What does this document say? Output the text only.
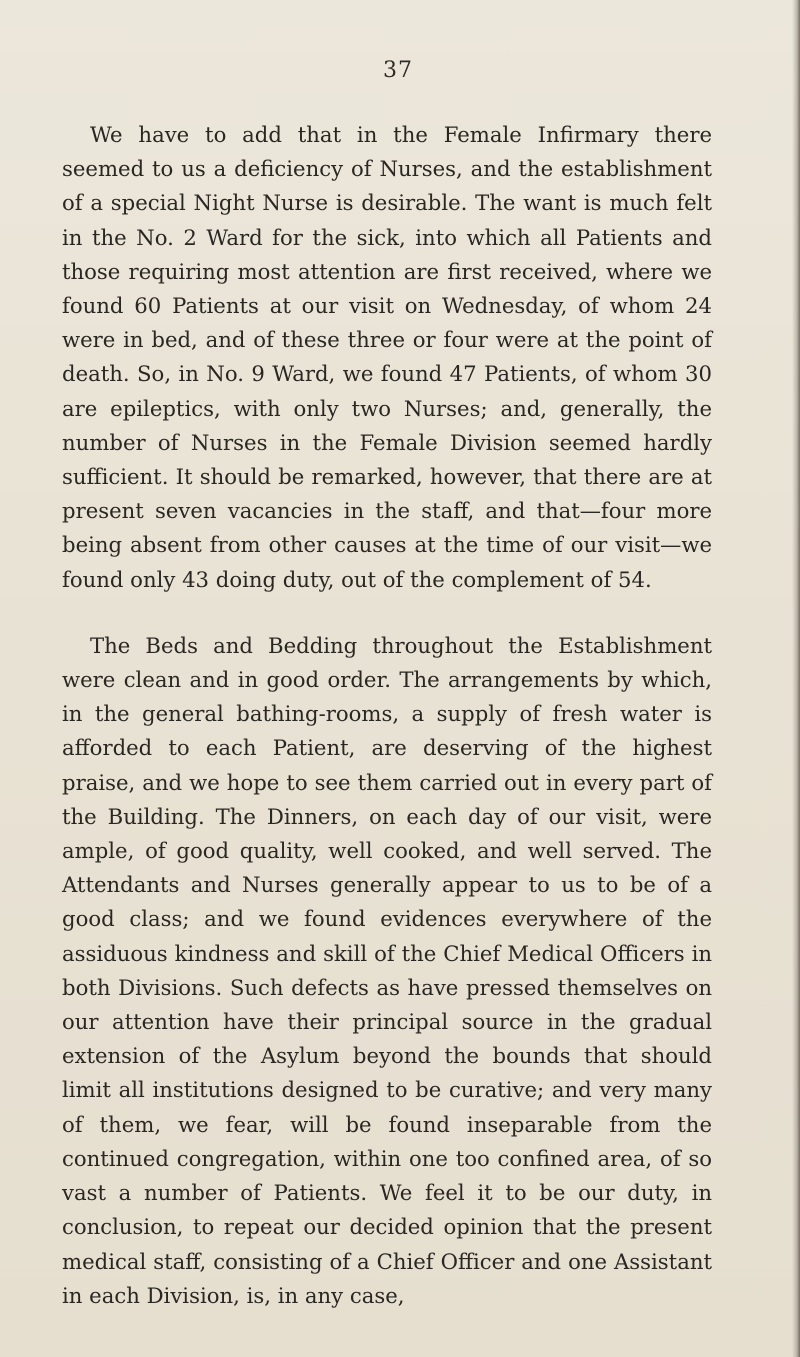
37

We have to add that in the Female Infirmary there seemed to us a deficiency of Nurses, and the establishment of a special Night Nurse is desirable. The want is much felt in the No. 2 Ward for the sick, into which all Patients and those requiring most attention are first received, where we found 60 Patients at our visit on Wednesday, of whom 24 were in bed, and of these three or four were at the point of death. So, in No. 9 Ward, we found 47 Patients, of whom 30 are epileptics, with only two Nurses; and, generally, the number of Nurses in the Female Division seemed hardly sufficient. It should be remarked, however, that there are at present seven vacancies in the staff, and that—four more being absent from other causes at the time of our visit—we found only 43 doing duty, out of the complement of 54.

The Beds and Bedding throughout the Establishment were clean and in good order. The arrangements by which, in the general bathing-rooms, a supply of fresh water is afforded to each Patient, are deserving of the highest praise, and we hope to see them carried out in every part of the Building. The Dinners, on each day of our visit, were ample, of good quality, well cooked, and well served. The Attendants and Nurses generally appear to us to be of a good class; and we found evidences everywhere of the assiduous kindness and skill of the Chief Medical Officers in both Divisions. Such defects as have pressed themselves on our attention have their principal source in the gradual extension of the Asylum beyond the bounds that should limit all institutions designed to be curative; and very many of them, we fear, will be found inseparable from the continued congregation, within one too confined area, of so vast a number of Patients. We feel it to be our duty, in conclusion, to repeat our decided opinion that the present medical staff, consisting of a Chief Officer and one Assistant in each Division, is, in any case,
